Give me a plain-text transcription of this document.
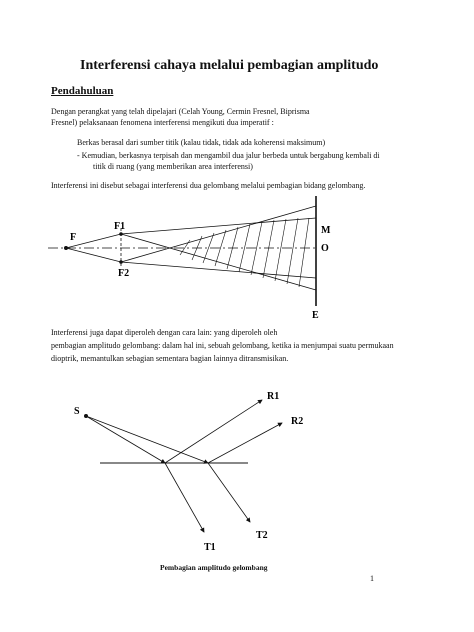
Interferensi cahaya melalui pembagian amplitudo
Pendahuluan
Dengan perangkat yang telah dipelajari (Celah Young, Cermin Fresnel, Biprisma
Fresnel) pelaksanaan fenomena interferensi mengikuti dua imperatif :
Berkas berasal dari sumber titik (kalau tidak, tidak ada koherensi maksimum)
- Kemudian, berkasnya terpisah dan mengambil dua jalur berbeda untuk bergabung kembali di
titik di ruang (yang memberikan area interferensi)
Interferensi ini disebut sebagai interferensi dua gelombang melalui pembagian bidang gelombang.
F
F1
F2
M
O
E
Interferensi juga dapat diperoleh dengan cara lain: yang diperoleh oleh
pembagian amplitudo gelombang: dalam hal ini, sebuah gelombang, ketika ia menjumpai suatu permukaan
dioptrik, memantulkan sebagian sementara bagian lainnya ditransmisikan.
S
R1
R2
T1
T2
Pembagian amplitudo gelombang
1
